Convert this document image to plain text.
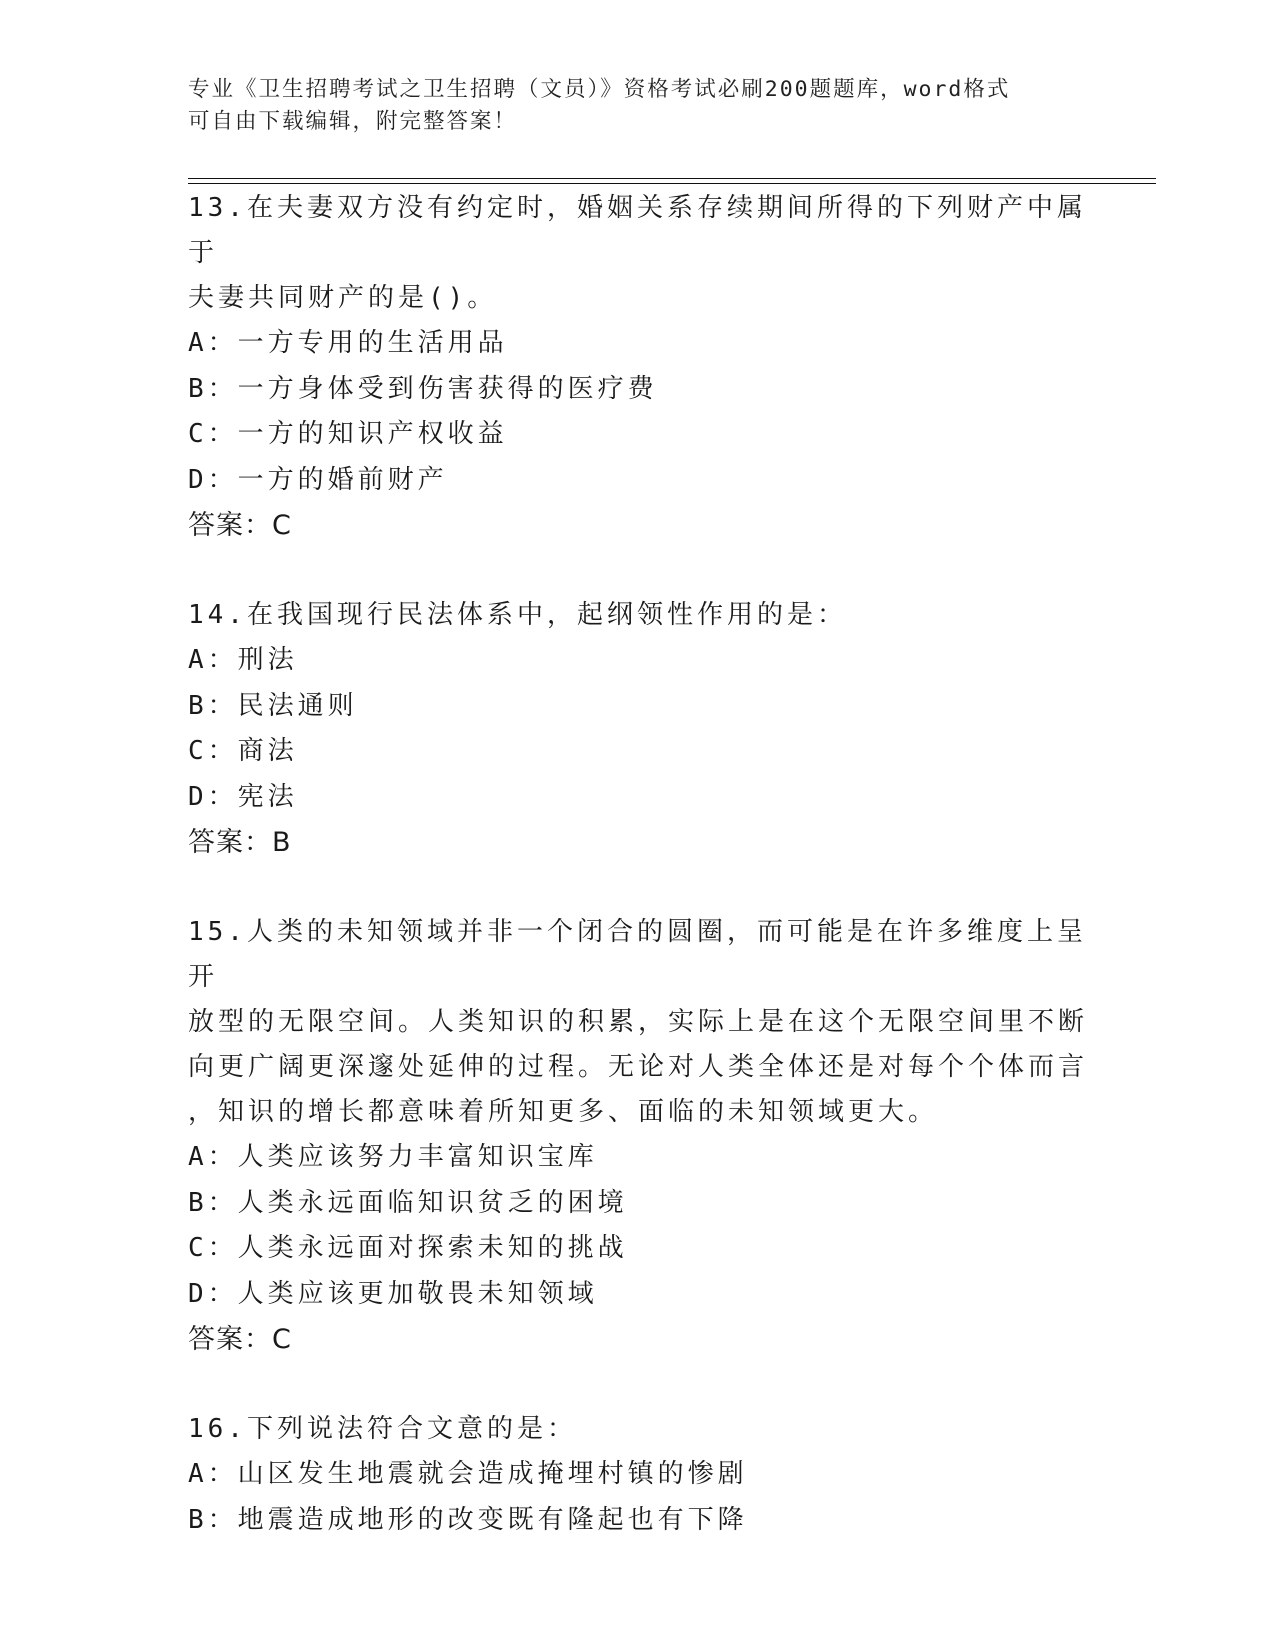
专业《卫生招聘考试之卫生招聘（文员）》资格考试必刷200题题库，word格式
可自由下载编辑，附完整答案！

13.在夫妻双方没有约定时，婚姻关系存续期间所得的下列财产中属于
夫妻共同财产的是()。

A：一方专用的生活用品

B：一方身体受到伤害获得的医疗费

C：一方的知识产权收益

D：一方的婚前财产

答案：C

14.在我国现行民法体系中，起纲领性作用的是：

A：刑法

B：民法通则

C：商法

D：宪法

答案：B

15.人类的未知领域并非一个闭合的圆圈，而可能是在许多维度上呈开
放型的无限空间。人类知识的积累，实际上是在这个无限空间里不断
向更广阔更深邃处延伸的过程。无论对人类全体还是对每个个体而言
，知识的增长都意味着所知更多、面临的未知领域更大。

A：人类应该努力丰富知识宝库

B：人类永远面临知识贫乏的困境

C：人类永远面对探索未知的挑战

D：人类应该更加敬畏未知领域

答案：C

16.下列说法符合文意的是：

A：山区发生地震就会造成掩埋村镇的惨剧

B：地震造成地形的改变既有隆起也有下降
